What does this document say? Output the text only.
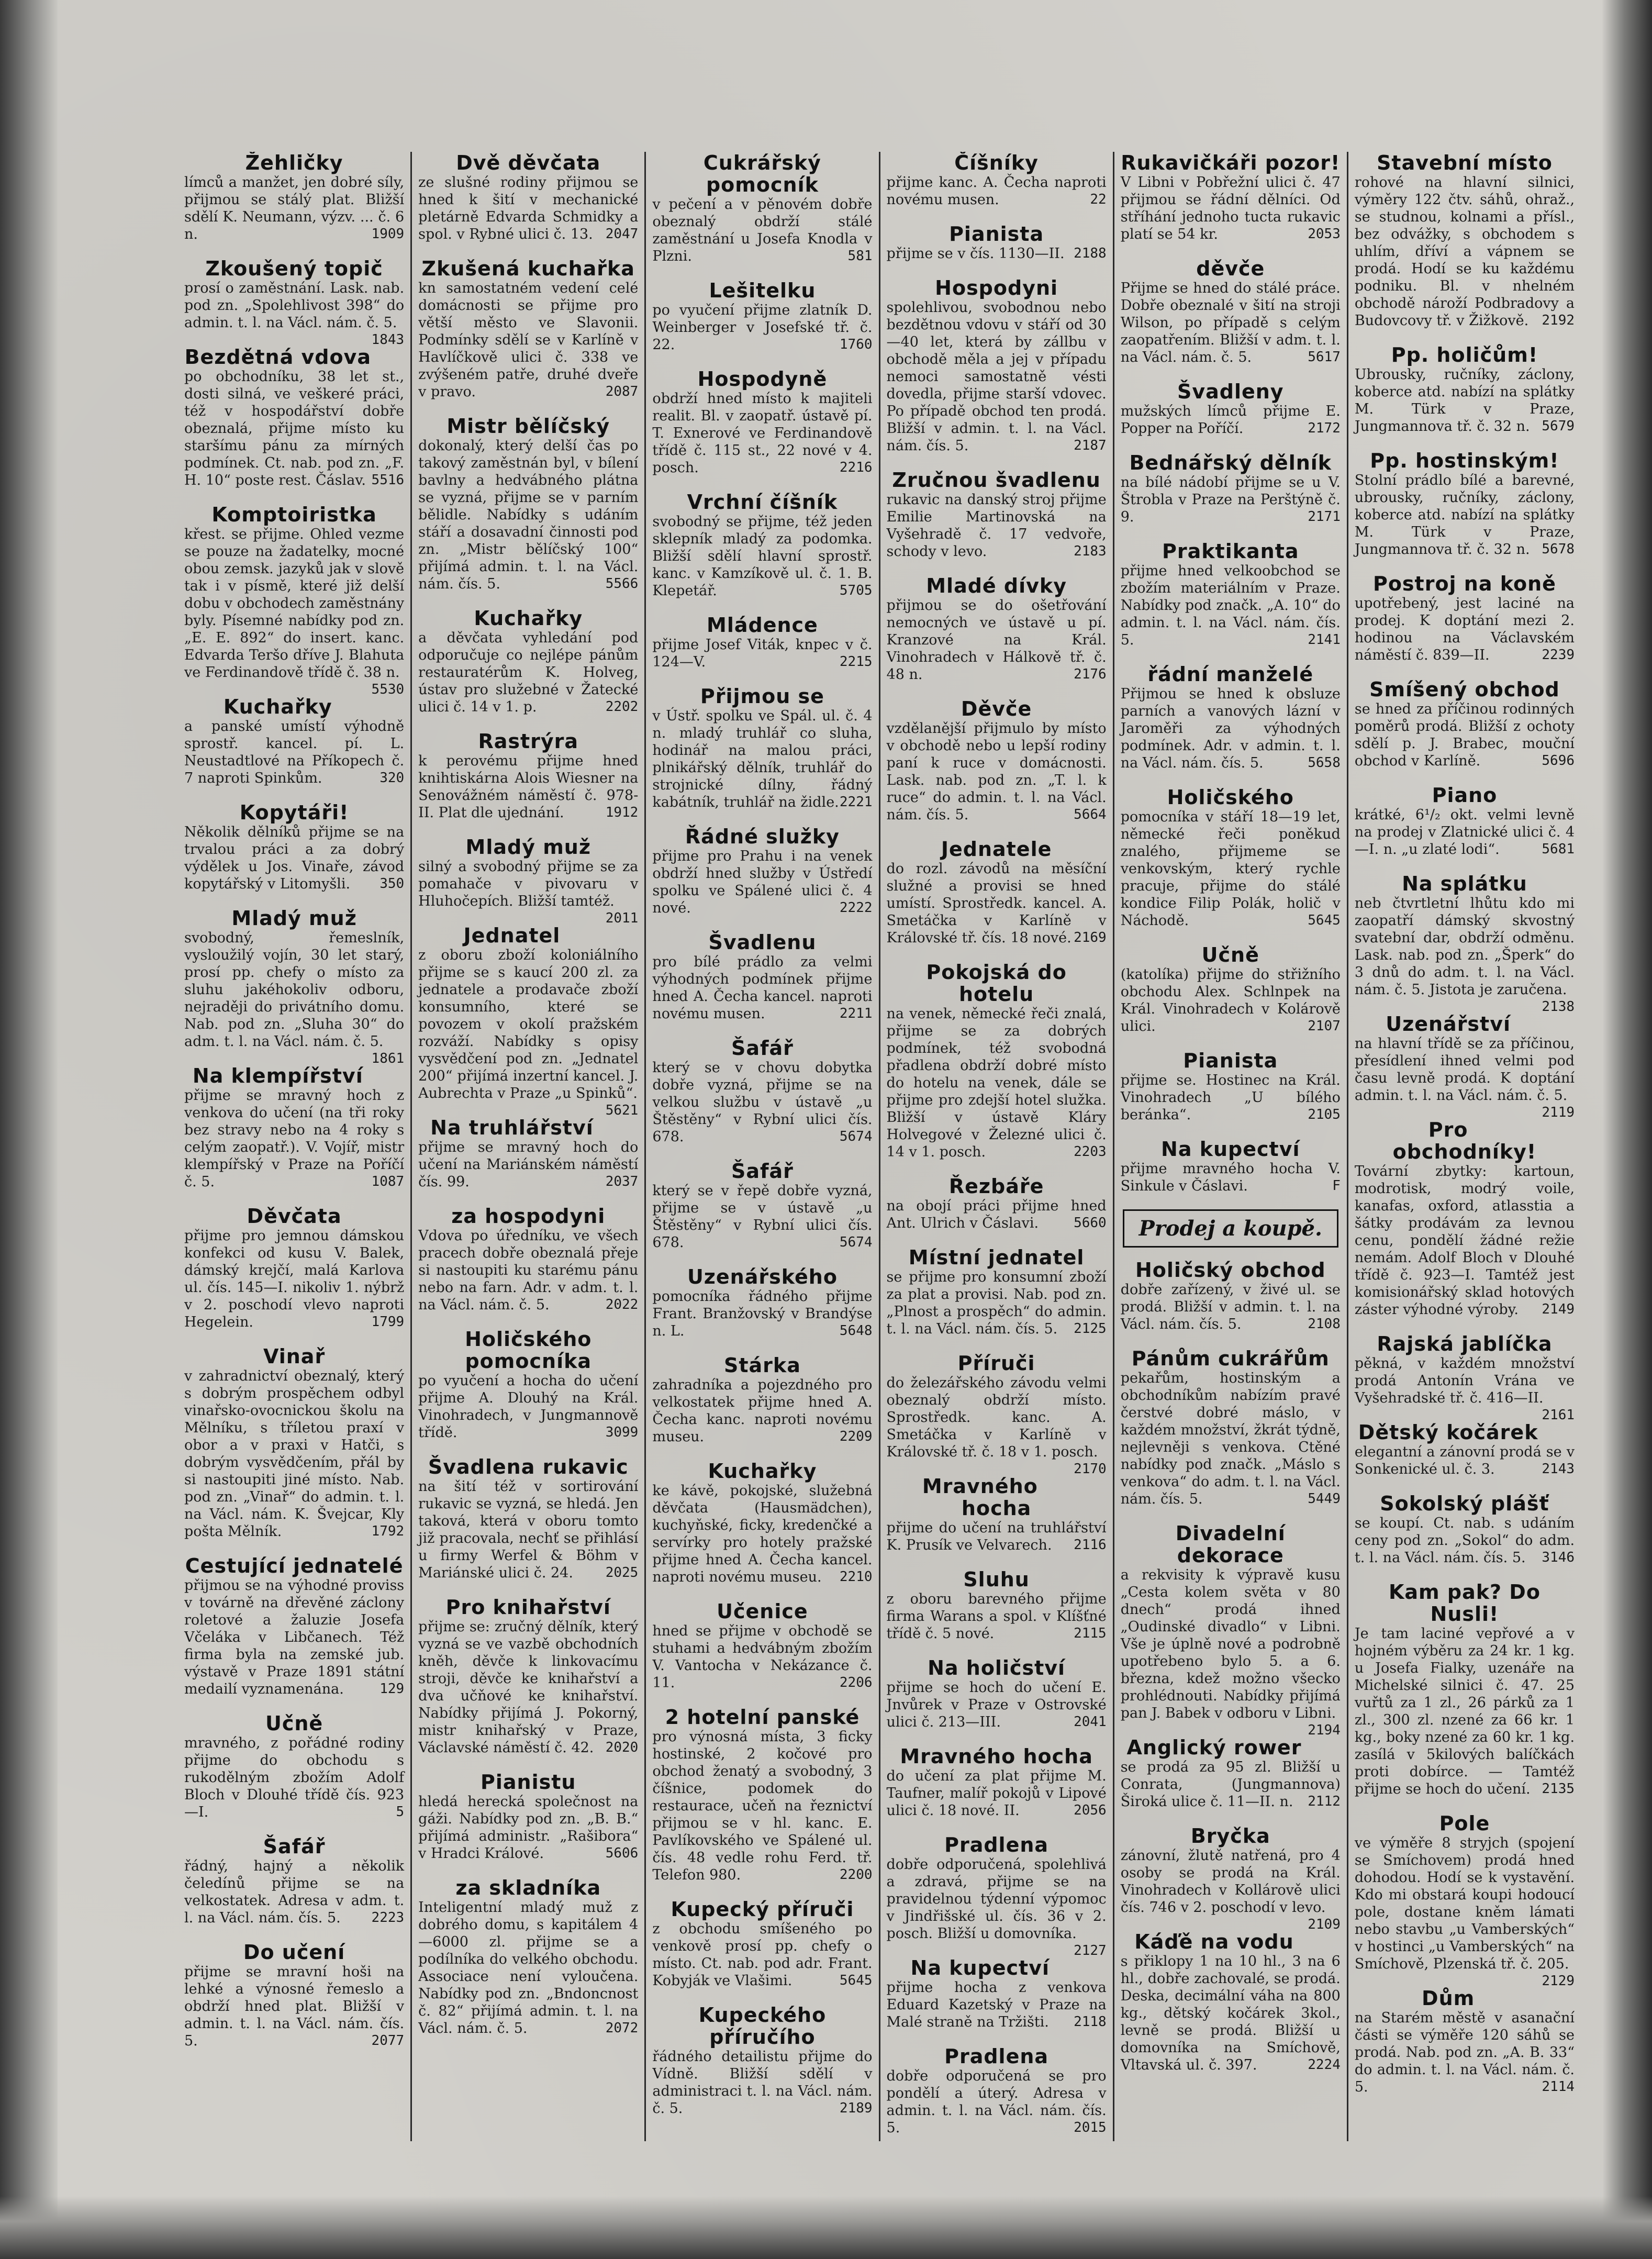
Žehličky
límců a manžet, jen dobré síly, přijmou se stálý plat. Bližší sdělí K. Neumann, výzv. ... č. 6 n.	1909
Zkoušený topič
prosí o zaměstnání. Lask. nab. pod zn. „Spolehlivost 398“ do admin. t. l. na Václ. nám. č. 5.
1843
Bezdětná vdova
po obchodníku, 38 let st., dosti silná, ve veškeré práci, též v hospodářství dobře obeznalá, přijme místo ku staršímu pánu za mírných podmínek. Ct. nab. pod zn. „F. H. 10“ poste rest. Čáslav. 5516
Komptoiristka
křest. se přijme. Ohled vezme se pouze na žadatelky, mocné obou zemsk. jazyků jak v slově tak i v písmě, které již delší dobu v obchodech zaměstnány byly. Písemné nabídky pod zn. „E. E. 892“ do insert. kanc. Edvarda Teršo dříve J. Blahuta ve Ferdinandově třídě č. 38 n.
5530
Kuchařky
a panské umístí výhodně sprostř. kancel. pí. L. Neustadtlové na Příkopech č. 7 naproti Spinkům.	320
Kopytáři!
Několik dělníků přijme se na trvalou práci a za dobrý výdělek u Jos. Vinaře, závod kopytářský v Litomyšli. 350
Mladý muž
svobodný, řemeslník, vysloužilý vojín, 30 let starý, prosí pp. chefy o místo za sluhu jakéhokoliv odboru, nejraději do privátního domu. Nab. pod zn. „Sluha 30“ do adm. t. l. na Václ. nám. č. 5.
1861
Na klempířství
přijme se mravný hoch z venkova do učení (na tři roky bez stravy nebo na 4 roky s celým zaopatř.). V. Vojíř, mistr klempířský v Praze na Poříčí č. 5.	1087
Děvčata
přijme pro jemnou dámskou konfekci od kusu V. Balek, dámský krejčí, malá Karlova ul. čís. 145—I. nikoliv 1. nýbrž v 2. poschodí vlevo naproti Hegelein.	1799
Vinař
v zahradnictví obeznalý, který s dobrým prospěchem odbyl vinařsko-ovocnickou školu na Mělníku, s tříletou praxí v obor a v praxi v Hatči, s dobrým vysvědčením, přál by si nastoupiti jiné místo. Nab. pod zn. „Vinař“ do admin. t. l. na Václ. nám. K. Švejcar, Kly pošta Mělník.	1792
Cestující jednatelé
přijmou se na výhodné proviss v továrně na dřevěné záclony roletové a žaluzie Josefa Včeláka v Libčanech. Též firma byla na zemské jub. výstavě v Praze 1891 státní medailí vyznamenána.	129
Učně
mravného, z pořádné rodiny přijme do obchodu s rukodělným zbožím Adolf Bloch v Dlouhé třídě čís. 923—I.	5
Šafář
řádný, hajný a několik čeledínů přijme se na velkostatek. Adresa v adm. t. l. na Václ. nám. čís. 5. 2223
Do učení
přijme se mravní hoši na lehké a výnosné řemeslo a obdrží hned plat. Bližší v admin. t. l. na Václ. nám. čís. 5.	2077
Dvě děvčata
ze slušné rodiny přijmou se hned k šití v mechanické pletárně Edvarda Schmidky a spol. v Rybné ulici č. 13. 2047
Zkušená kuchařka
kn samostatném vedení celé domácnosti se přijme pro větší město ve Slavonii. Podmínky sdělí se v Karlíně v Havlíčkově ulici č. 338 ve zvýšeném patře, druhé dveře v pravo.	2087
Mistr bělíčský
dokonalý, který delší čas po takový zaměstnán byl, v bílení bavlny a hedvábného plátna se vyzná, přijme se v parním bělidle. Nabídky s udáním stáří a dosavadní činnosti pod zn. „Mistr bělíčský 100“ přijímá admin. t. l. na Václ. nám. čís. 5.	5566
Kuchařky
a děvčata vyhledání pod odporučuje co nejlépe pánům restauratérům K. Holveg, ústav pro služebné v Žatecké ulici č. 14 v 1. p.	2202
Rastrýra
k perovému přijme hned knihtiskárna Alois Wiesner na Senovážném náměstí č. 978-II. Plat dle ujednání.	1912
Mladý muž
silný a svobodný přijme se za pomahače v pivovaru v Hluhočepích. Bližší tamtéž.
2011
Jednatel
z oboru zboží koloniálního přijme se s kaucí 200 zl. za jednatele a prodavače zboží konsumního, které se povozem v okolí pražském rozváží. Nabídky s opisy vysvědčení pod zn. „Jednatel 200“ přijímá inzertní kancel. J. Aubrechta v Praze „u Spinků“.
5621
Na truhlářství
přijme se mravný hoch do učení na Mariánském náměstí čís. 99.	2037
za hospodyni
Vdova po úředníku, ve všech pracech dobře obeznalá přeje si nastoupiti ku starému pánu nebo na farn. Adr. v adm. t. l. na Václ. nám. č. 5.	2022
Holičského pomocníka
po vyučení a hocha do učení přijme A. Dlouhý na Král. Vinohradech, v Jungmannově třídě.	3099
Švadlena rukavic
na šití též v sortirování rukavic se vyzná, se hledá. Jen taková, která v oboru tomto již pracovala, nechť se přihlásí u firmy Werfel & Böhm v Mariánské ulici č. 24. 2025
Pro knihařství
přijme se: zručný dělník, který vyzná se ve vazbě obchodních kněh, děvče k linkovacímu stroji, děvče ke knihařství a dva učňové ke knihařství. Nabídky přijímá J. Pokorný, mistr knihařský v Praze, Václavské náměstí č. 42. 2020
Pianistu
hledá herecká společnost na gáži. Nabídky pod zn. „B. B.“ přijímá administr. „Rašibora“ v Hradci Králové.	5606
za skladníka
Inteligentní mladý muž z dobrého domu, s kapitálem 4—6000 zl. přijme se a podílníka do velkého obchodu. Associace není vyloučena. Nabídky pod zn. „Bndoncnost č. 82“ přijímá admin. t. l. na Václ. nám. č. 5.	2072
Cukrářský pomocník
v pečení a v pěnovém dobře obeznalý obdrží stálé zaměstnání u Josefa Knodla v Plzni.	581
Lešitelku
po vyučení přijme zlatník D. Weinberger v Josefské tř. č. 22.	1760
Hospodyně
obdrží hned místo k majiteli realit. Bl. v zaopatř. ústavě pí. T. Exnerové ve Ferdinandově třídě č. 115 st., 22 nové v 4. posch.	2216
Vrchní číšník
svobodný se přijme, též jeden sklepník mladý za podomka. Bližší sdělí hlavní sprostř. kanc. v Kamzíkově ul. č. 1. B. Klepetář.	5705
Mládence
přijme Josef Viták, knpec v č. 124—V.	2215
Přijmou se
v Ústř. spolku ve Spál. ul. č. 4 n. mladý truhlář co sluha, hodinář na malou práci, plnikářský dělník, truhlář do strojnické dílny, řádný kabátník, truhlář na židle. 2221
Řádné služky
přijme pro Prahu i na venek obdrží hned služby v Ústředí spolku ve Spálené ulici č. 4 nové.	2222
Švadlenu
pro bílé prádlo za velmi výhodných podmínek přijme hned A. Čecha kancel. naproti novému musen.	2211
Šafář
který se v chovu dobytka dobře vyzná, přijme se na velkou službu v ústavě „u Štěstěny“ v Rybní ulici čís. 678.	5674
Šafář
který se v řepě dobře vyzná, přijme se v ústavě „u Štěstěny“ v Rybní ulici čís. 678.	5674
Uzenářského
pomocníka řádného přijme Frant. Branžovský v Brandýse n. L.	5648
Stárka
zahradníka a pojezdného pro velkostatek přijme hned A. Čecha kanc. naproti novému museu.	2209
Kuchařky
ke kávě, pokojské, služebná děvčata (Hausmädchen), kuchyňské, ficky, kredenčké a servírky pro hotely pražské přijme hned A. Čecha kancel. naproti novému museu. 2210
Učenice
hned se přijme v obchodě se stuhami a hedvábným zbožím V. Vantocha v Nekázance č. 11.	2206
2 hotelní panské
pro výnosná místa, 3 ficky hostinské, 2 kočové pro obchod ženatý a svobodný, 3 číšnice, podomek do restaurace, učeň na řeznictví přijmou se v hl. kanc. E. Pavlíkovského ve Spálené ul. čís. 48 vedle rohu Ferd. tř. Telefon 980.	2200
Kupecký příruči
z obchodu smíšeného po venkově prosí pp. chefy o místo. Ct. nab. pod adr. Frant. Kobyják ve Vlašimi.	5645
Kupeckého příručího
řádného detailistu přijme do Vídně. Bližší sdělí v administraci t. l. na Václ. nám. č. 5.	2189
Číšníky
přijme kanc. A. Čecha naproti novému musen.	22
Pianista
přijme se v čís. 1130—II. 2188
Hospodyni
spolehlivou, svobodnou nebo bezdětnou vdovu v stáří od 30—40 let, která by zállbu v obchodě měla a jej v případu nemoci samostatně vésti dovedla, přijme starší vdovec. Po případě obchod ten prodá. Bližší v admin. t. l. na Václ. nám. čís. 5.	2187
Zručnou švadlenu
rukavic na danský stroj přijme Emilie Martinovská na Vyšehradě č. 17 vedvoře, schody v levo.	2183
Mladé dívky
přijmou se do ošetřování nemocných ve ústavě u pí. Kranzové na Král. Vinohradech v Hálkově tř. č. 48 n.	2176
Děvče
vzdělanější přijmulo by místo v obchodě nebo u lepší rodiny paní k ruce v domácnosti. Lask. nab. pod zn. „T. l. k ruce“ do admin. t. l. na Václ. nám. čís. 5.	5664
Jednatele
do rozl. závodů na měsíční služné a provisi se hned umístí. Sprostředk. kancel. A. Smetáčka v Karlíně v Královské tř. čís. 18 nové. 2169
Pokojská do hotelu
na venek, německé řeči znalá, přijme se za dobrých podmínek, též svobodná přadlena obdrží dobré místo do hotelu na venek, dále se přijme pro zdejší hotel služka. Bližší v ústavě Kláry Holvegové v Železné ulici č. 14 v 1. posch.	2203
Řezbáře
na obojí práci přijme hned Ant. Ulrich v Čáslavi.	5660
Místní jednatel
se přijme pro konsumní zboží za plat a provisi. Nab. pod zn. „Plnost a prospěch“ do admin. t. l. na Václ. nám. čís. 5. 2125
Příruči
do železářského závodu velmi obeznalý obdrží místo. Sprostředk. kanc. A. Smetáčka v Karlíně v Královské tř. č. 18 v 1. posch.
2170
Mravného hocha
přijme do učení na truhlářství K. Prusík ve Velvarech. 2116
Sluhu
z oboru barevného přijme firma Warans a spol. v Klíšťné třídě č. 5 nové.	2115
Na holičství
přijme se hoch do učení E. Jnvůrek v Praze v Ostrovské ulici č. 213—III.	2041
Mravného hocha
do učení za plat přijme M. Taufner, malíř pokojů v Lipové ulici č. 18 nové. II.	2056
Pradlena
dobře odporučená, spolehlivá a zdravá, přijme se na pravidelnou týdenní výpomoc v Jindřišské ul. čís. 36 v 2. posch. Bližší u domovníka.
2127
Na kupectví
přijme hocha z venkova Eduard Kazetský v Praze na Malé straně na Tržišti. 2118
Pradlena
dobře odporučená se pro pondělí a úterý. Adresa v admin. t. l. na Václ. nám. čís. 5.	2015
Rukavičkáři pozor!
V Libni v Pobřežní ulici č. 47 přijmou se řádní dělníci. Od stříhání jednoho tucta rukavic platí se 54 kr.	2053
děvče
Přijme se hned do stálé práce. Dobře obeznalé v šití na stroji Wilson, po případě s celým zaopatřením. Bližší v adm. t. l. na Václ. nám. č. 5.	5617
Švadleny
mužských límců přijme E. Popper na Poříčí.	2172
Bednářský dělník
na bílé nádobí přijme se u V. Štrobla v Praze na Perštýně č. 9.	2171
Praktikanta
přijme hned velkoobchod se zbožím materiálním v Praze. Nabídky pod značk. „A. 10“ do admin. t. l. na Václ. nám. čís. 5.	2141
řádní manželé
Přijmou se hned k obsluze parních a vanových lázní v Jaroměři za výhodných podmínek. Adr. v admin. t. l. na Václ. nám. čís. 5.	5658
Holičského
pomocníka v stáří 18—19 let, německé řeči poněkud znalého, přijmeme se venkovským, který rychle pracuje, přijme do stálé kondice Filip Polák, holič v Náchodě.	5645
Učně
(katolíka) přijme do střižního obchodu Alex. Schlnpek na Král. Vinohradech v Kolárově ulici.	2107
Pianista
přijme se. Hostinec na Král. Vinohradech „U bílého beránka“.	2105
Na kupectví
přijme mravného hocha V. Sinkule v Čáslavi.	F
Prodej a koupě.
Holičský obchod
dobře zařízený, v živé ul. se prodá. Bližší v admin. t. l. na Václ. nám. čís. 5.	2108
Pánům cukrářům
pekařům, hostinským a obchodníkům nabízím pravé čerstvé dobré máslo, v každém množství, žkrát týdně, nejlevněji s venkova. Ctěné nabídky pod značk. „Máslo s venkova“ do adm. t. l. na Václ. nám. čís. 5.	5449
Divadelní dekorace
a rekvisity k výpravě kusu „Cesta kolem světa v 80 dnech“ prodá ihned „Oudinské divadlo“ v Libni. Vše je úplně nové a podrobně upotřebeno bylo 5. a 6. března, kdež možno všecko prohlédnouti. Nabídky přijímá pan J. Babek v odboru v Libni.
2194
Anglický rower
se prodá za 95 zl. Bližší u Conrata, (Jungmannova) Široká ulice č. 11—II. n. 2112
Bryčka
zánovní, žlutě natřená, pro 4 osoby se prodá na Král. Vinohradech v Kollárově ulici čís. 746 v 2. poschodí v levo.
2109
Káďě na vodu
s přiklopy 1 na 10 hl., 3 na 6 hl., dobře zachovalé, se prodá. Deska, decimální váha na 800 kg., dětský kočárek 3kol., levně se prodá. Bližší u domovníka na Smíchově, Vltavská ul. č. 397.	2224
Stavební místo
rohové na hlavní silnici, výměry 122 čtv. sáhů, ohraž., se studnou, kolnami a přísl., bez odvážky, s obchodem s uhlím, dříví a vápnem se prodá. Hodí se ku každému podniku. Bl. v nhelném obchodě nároží Podbradovy a Budovcovy tř. v Žižkově. 2192
Pp. holičům!
Ubrousky, ručníky, záclony, koberce atd. nabízí na splátky M. Türk v Praze, Jungmannova tř. č. 32 n. 5679
Pp. hostinským!
Stolní prádlo bílé a barevné, ubrousky, ručníky, záclony, koberce atd. nabízí na splátky M. Türk v Praze, Jungmannova tř. č. 32 n. 5678
Postroj na koně
upotřebený, jest laciné na prodej. K doptání mezi 2. hodinou na Václavském náměstí č. 839—II.	2239
Smíšený obchod
se hned za příčinou rodinných poměrů prodá. Bližší z ochoty sdělí p. J. Brabec, mouční obchod v Karlíně.	5696
Piano
krátké, 6¹/₂ okt. velmi levně na prodej v Zlatnické ulici č. 4—I. n. „u zlaté lodi“.	5681
Na splátku
neb čtvrtletní lhůtu kdo mi zaopatří dámský skvostný svatební dar, obdrží odměnu. Lask. nab. pod zn. „Šperk“ do 3 dnů do adm. t. l. na Václ. nám. č. 5. Jistota je zaručena.
2138
Uzenářství
na hlavní třídě se za příčinou, přesídlení ihned velmi pod času levně prodá. K doptání admin. t. l. na Václ. nám. č. 5.
2119
Pro obchodníky!
Tovární zbytky: kartoun, modrotisk, modrý voile, kanafas, oxford, atlasstia a šátky prodávám za levnou cenu, pondělí žádné režie nemám. Adolf Bloch v Dlouhé třídě č. 923—I. Tamtéž jest komisionářský sklad hotových záster výhodné výroby. 2149
Rajská jablíčka
pěkná, v každém množství prodá Antonín Vrána ve Vyšehradské tř. č. 416—II.
2161
Dětský kočárek
elegantní a zánovní prodá se v Sonkenické ul. č. 3.	2143
Sokolský plášť
se koupí. Ct. nab. s udáním ceny pod zn. „Sokol“ do adm. t. l. na Václ. nám. čís. 5. 3146
Kam pak? Do Nusli!
Je tam laciné vepřové a v hojném výběru za 24 kr. 1 kg. u Josefa Fialky, uzenáře na Michelské silnici č. 47. 25 vuřtů za 1 zl., 26 párků za 1 zl., 300 zl. nzené za 66 kr. 1 kg., boky nzené za 60 kr. 1 kg. zasílá v 5kilových balíčkách proti dobírce. — Tamtéž přijme se hoch do učení. 2135
Pole
ve výměře 8 stryjch (spojení se Smíchovem) prodá hned dohodou. Hodí se k vystavění. Kdo mi obstará koupi hodoucí pole, dostane kněm lámati nebo stavbu „u Vamberských“ v hostinci „u Vamberských“ na Smíchově, Plzenská tř. č. 205.
2129
Dům
na Starém městě v asanační části se výměře 120 sáhů se prodá. Nab. pod zn. „A. B. 33“ do admin. t. l. na Václ. nám. č. 5.	2114
